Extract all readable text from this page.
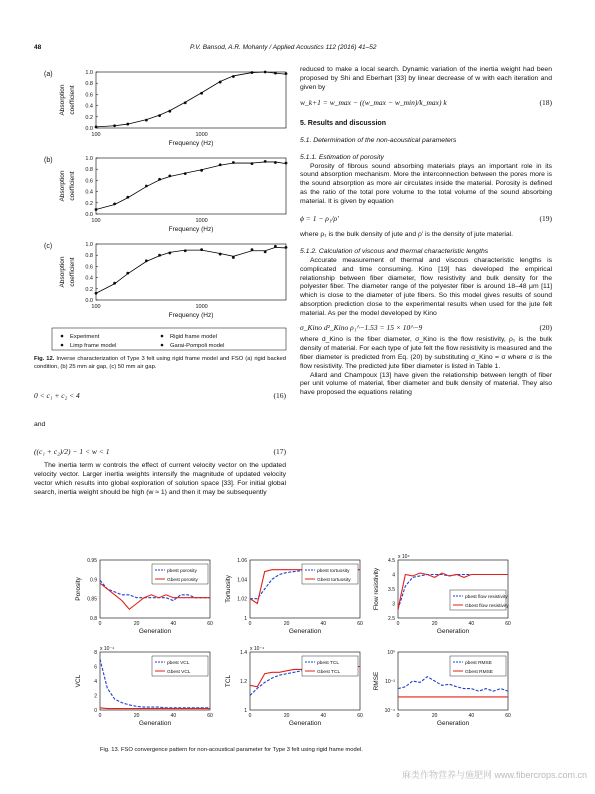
48	P.V. Bansod, A.R. Mohanty / Applied Acoustics 112 (2016) 41–52
(a)
Absorption coefficient
0.0
0.2
0.4
0.6
0.8
1.0
100	1000
Frequency (Hz)
(b)
Absorption coefficient
0.0
0.2
0.4
0.6
0.8
1.0
100	1000
Frequency (Hz)
(c)
Absorption coefficient
0.0
0.2
0.4
0.6
0.8
1.0
100	1000
Frequency (Hz)
Experiment	Rigid frame model
Limp frame model	Garai-Pompoli model
Fig. 12. Inverse characterization of Type 3 felt using rigid frame model and FSO (a) rigid backed condition, (b) 25 mm air gap, (c) 50 mm air gap.
0 < c₁ + c₂ < 4	(16)
and
((c₁ + c₂)/2) − 1 < w < 1	(17)

The inertia term w controls the effect of current velocity vector on the updated velocity vector. Larger inertia weights intensify the magnitude of updated velocity vector which results into global exploration of solution space [33]. For initial global search, inertia weight should be high (w ≈ 1) and then it may be subsequently

reduced to make a local search. Dynamic variation of the inertia weight had been proposed by Shi and Eberhart [33] by linear decrease of w with each iteration and given by

w_k+1 = w_max − ((w_max − w_min)/k_max) k	(18)
5. Results and discussion
5.1. Determination of the non-acoustical parameters
5.1.1. Estimation of porosity

Porosity of fibrous sound absorbing materials plays an important role in its sound absorption mechanism. More the interconnection between the pores more is the sound absorption as more air circulates inside the material. Porosity is defined as the ratio of the total pore volume to the total volume of the sound absorbing material. It is given by equation

ϕ = 1 − ρ₁/ρ′	(19)

where ρ₁ is the bulk density of jute and ρ′ is the density of jute material.

5.1.2. Calculation of viscous and thermal characteristic lengths

Accurate measurement of thermal and viscous characteristic lengths is complicated and time consuming. Kino [19] has developed the empirical relationship between fiber diameter, flow resistivity and bulk density for the polyester fiber. The diameter range of the polyester fiber is around 18–48 μm [11] which is close to the diameter of jute fibers. So this model gives results of sound absorption prediction close to the experimental results when used for the jute felt material. As per the model developed by Kino

σ_Kino d²_Kino ρ₁^−1.53 = 15 × 10^−9	(20)

where d_Kino is the fiber diameter, σ_Kino is the flow resistivity, ρ₁ is the bulk density of material. For each type of jute felt the flow resistivity is measured and the fiber diameter is predicted from Eq. (20) by substituting σ_Kino = σ where σ is the flow resistivity. The predicted jute fiber diameter is listed in Table 1.

Allard and Champoux [13] have given the relationship between length of fiber per unit volume of material, fiber diameter and bulk density of material. They also have proposed the equations relating

Porosity
0.8
0.85
0.9
0.95
0	20	40	60
Generation
pbest porosity
Gbest porosity	Tortuosity
1
1.02
1.04
1.06
0	20	40	60
Generation
pbest tortuosity
Gbest tortuosity	Flow resistivity
x 10⁴
2.5
3
3.5
4
4.5
0	20	40	60
Generation
pbest flow resistivity
Gbest flow resistivity
VCL
x 10⁻⁴
0
2
4
6
8
0	20	40	60
Generation
pbest VCL
Gbest VCL
TCL
x 10⁻⁴
1
1.2
1.4
0	20	40	60
Generation
pbest TCL
Gbest TCL	RMSE
10⁻⁴
10⁻²
10⁰
0	20	40	60
Generation
pbest RMSE
Gbest RMSE
Fig. 13. FSO convergence pattern for non-acoustical parameter for Type 3 felt using rigid frame model.
麻类作物营养与施肥网 www.fibercrops.com.cn
